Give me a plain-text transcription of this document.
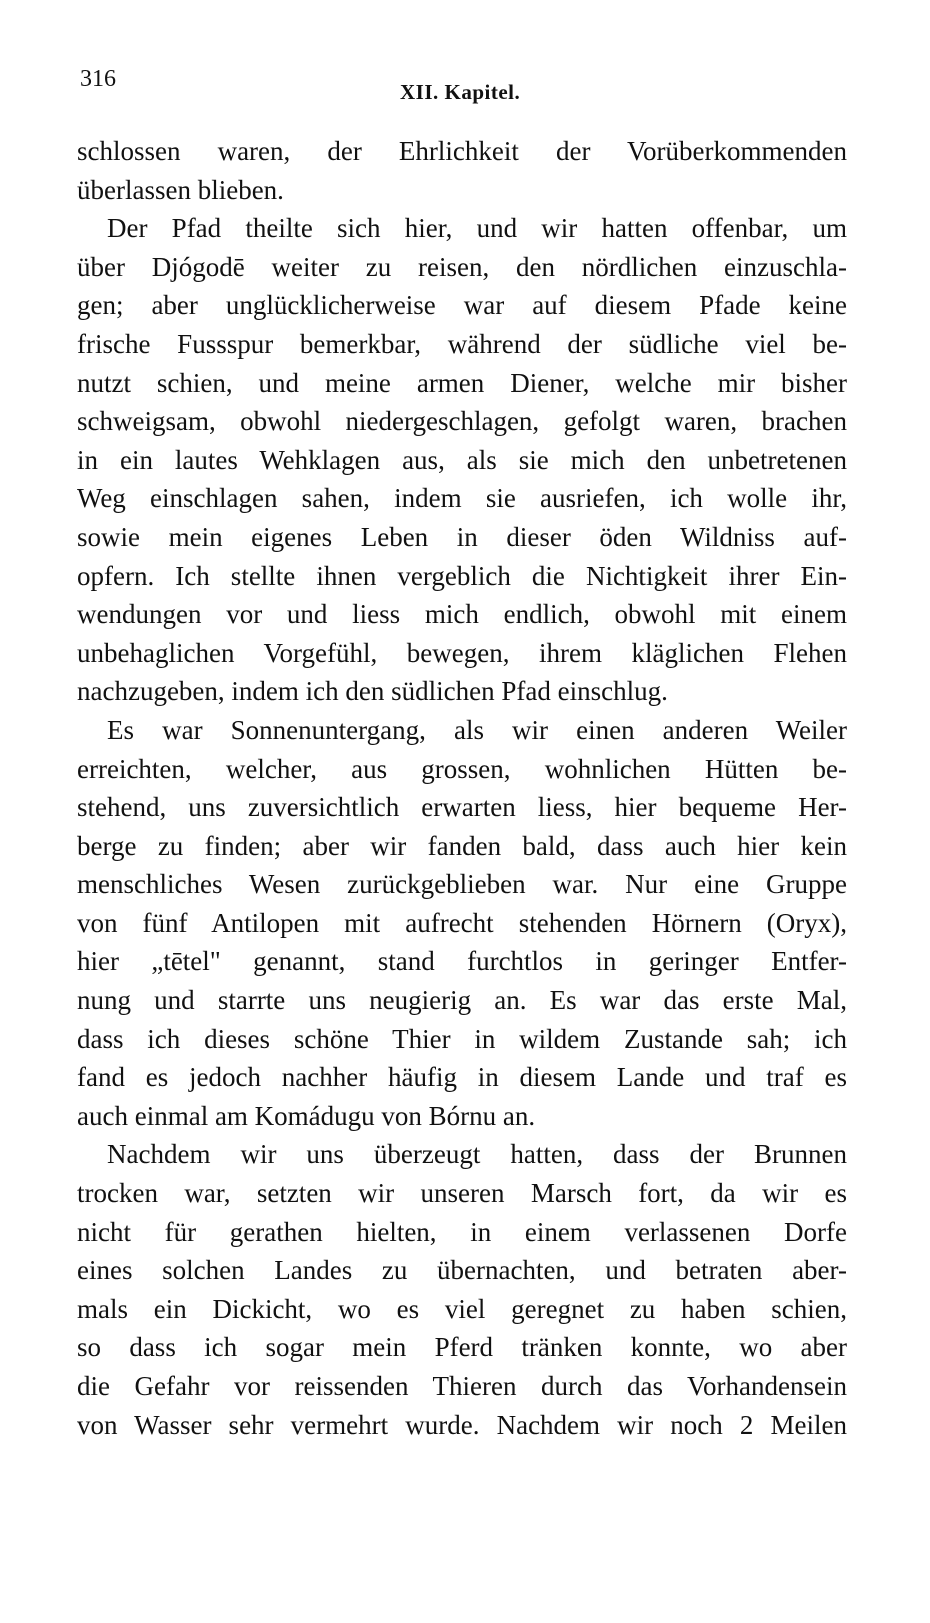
316	XII. Kapitel.
schlossen waren, der Ehrlichkeit der Vorüberkommenden
überlassen blieben.
Der Pfad theilte sich hier, und wir hatten offenbar, um
über Djógodē weiter zu reisen, den nördlichen einzuschla-
gen; aber unglücklicherweise war auf diesem Pfade keine
frische Fussspur bemerkbar, während der südliche viel be-
nutzt schien, und meine armen Diener, welche mir bisher
schweigsam, obwohl niedergeschlagen, gefolgt waren, brachen
in ein lautes Wehklagen aus, als sie mich den unbetretenen
Weg einschlagen sahen, indem sie ausriefen, ich wolle ihr,
sowie mein eigenes Leben in dieser öden Wildniss auf-
opfern. Ich stellte ihnen vergeblich die Nichtigkeit ihrer Ein-
wendungen vor und liess mich endlich, obwohl mit einem
unbehaglichen Vorgefühl, bewegen, ihrem kläglichen Flehen
nachzugeben, indem ich den südlichen Pfad einschlug.
Es war Sonnenuntergang, als wir einen anderen Weiler
erreichten, welcher, aus grossen, wohnlichen Hütten be-
stehend, uns zuversichtlich erwarten liess, hier bequeme Her-
berge zu finden; aber wir fanden bald, dass auch hier kein
menschliches Wesen zurückgeblieben war. Nur eine Gruppe
von fünf Antilopen mit aufrecht stehenden Hörnern (Oryx),
hier „tētel" genannt, stand furchtlos in geringer Entfer-
nung und starrte uns neugierig an. Es war das erste Mal,
dass ich dieses schöne Thier in wildem Zustande sah; ich
fand es jedoch nachher häufig in diesem Lande und traf es
auch einmal am Komádugu von Bórnu an.
Nachdem wir uns überzeugt hatten, dass der Brunnen
trocken war, setzten wir unseren Marsch fort, da wir es
nicht für gerathen hielten, in einem verlassenen Dorfe
eines solchen Landes zu übernachten, und betraten aber-
mals ein Dickicht, wo es viel geregnet zu haben schien,
so dass ich sogar mein Pferd tränken konnte, wo aber
die Gefahr vor reissenden Thieren durch das Vorhandensein
von Wasser sehr vermehrt wurde. Nachdem wir noch 2 Meilen
